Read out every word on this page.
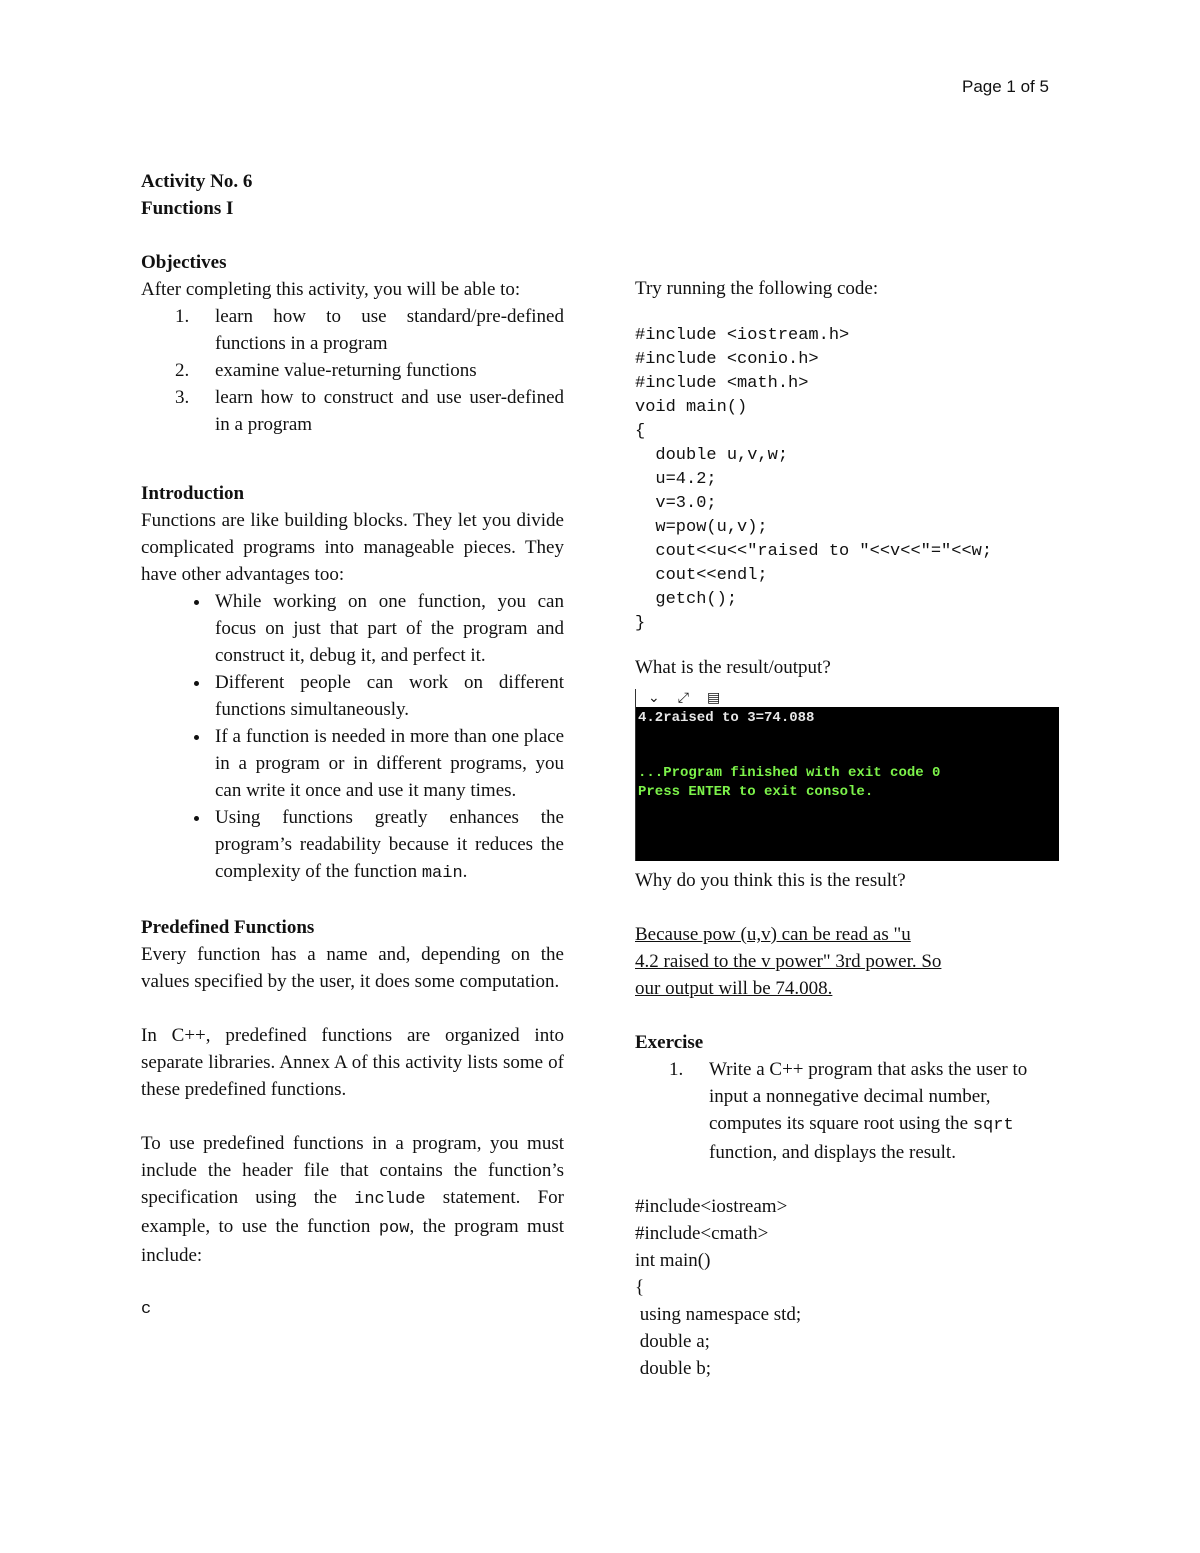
Page 1 of 5
Activity No. 6
Functions I
Objectives
After completing this activity, you will be able to:
1. learn how to use standard/pre-defined functions in a program
2. examine value-returning functions
3. learn how to construct and use user-defined in a program
Introduction
Functions are like building blocks. They let you divide complicated programs into manageable pieces. They have other advantages too:
• While working on one function, you can focus on just that part of the program and construct it, debug it, and perfect it.
• Different people can work on different functions simultaneously.
• If a function is needed in more than one place in a program or in different programs, you can write it once and use it many times.
• Using functions greatly enhances the program’s readability because it reduces the complexity of the function main.
Predefined Functions
Every function has a name and, depending on the values specified by the user, it does some computation.
In C++, predefined functions are organized into separate libraries. Annex A of this activity lists some of these predefined functions.
To use predefined functions in a program, you must include the header file that contains the function’s specification using the include statement. For example, to use the function pow, the program must include:
c
Try running the following code:
#include <iostream.h>
#include <conio.h>
#include <math.h>
void main()
{
double u,v,w;
u=4.2;
v=3.0;
w=pow(u,v);
cout<<u<<"raised to "<<v<<"="<<w;
cout<<endl;
getch();
}
What is the result/output?
⌄ ⤢ ▤
4.2raised to 3=74.088
...Program finished with exit code 0
Press ENTER to exit console.
Why do you think this is the result?
Because pow (u,v) can be read as "u
4.2 raised to the v power" 3rd power. So
our output will be 74.008.
Exercise
1. Write a C++ program that asks the user to input a nonnegative decimal number, computes its square root using the sqrt function, and displays the result.
#include<iostream>
#include<cmath>
int main()
{
using namespace std;
double a;
double b;
